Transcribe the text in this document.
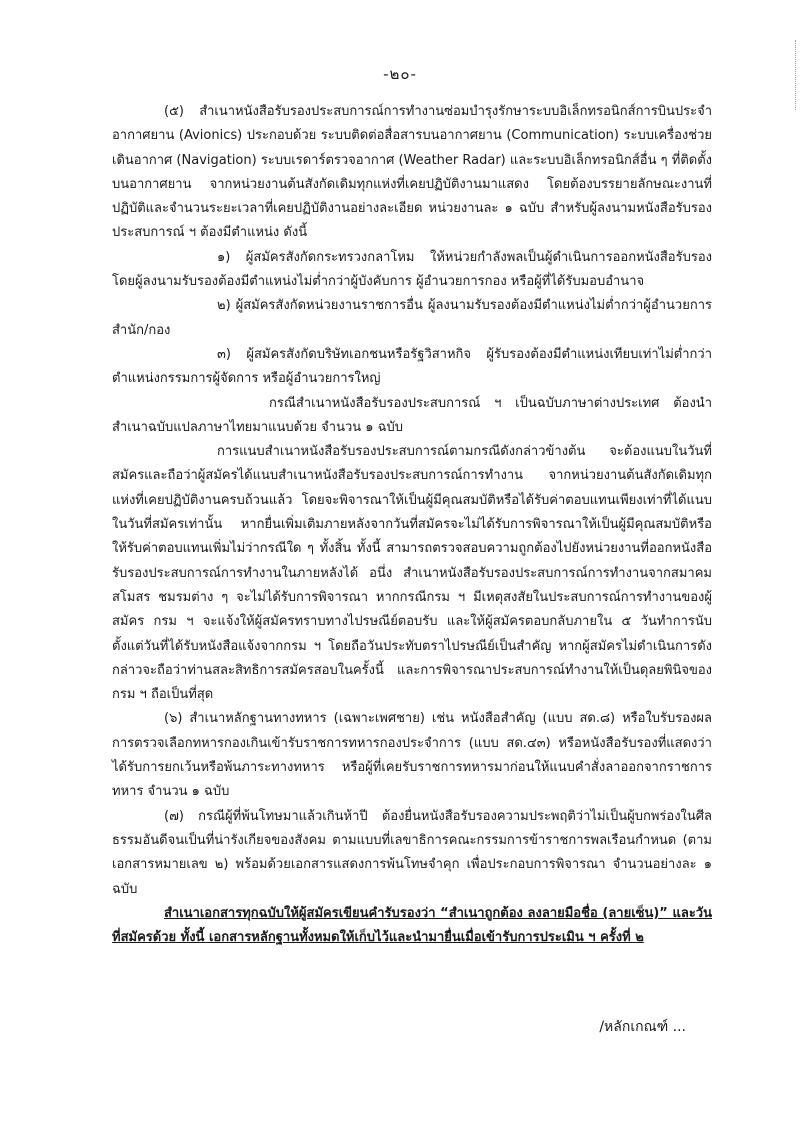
-๒๐-

(๕) สำเนาหนังสือรับรองประสบการณ์การทำงานซ่อมบำรุงรักษาระบบอิเล็กทรอนิกส์การบินประจำอากาศยาน (Avionics) ประกอบด้วย ระบบติดต่อสื่อสารบนอากาศยาน (Communication) ระบบเครื่องช่วยเดินอากาศ (Navigation) ระบบเรดาร์ตรวจอากาศ (Weather Radar) และระบบอิเล็กทรอนิกส์อื่น ๆ ที่ติดตั้งบนอากาศยาน จากหน่วยงานต้นสังกัดเดิมทุกแห่งที่เคยปฏิบัติงานมาแสดง โดยต้องบรรยายลักษณะงานที่ปฏิบัติและจำนวนระยะเวลาที่เคยปฏิบัติงานอย่างละเอียด หน่วยงานละ ๑ ฉบับ สำหรับผู้ลงนามหนังสือรับรองประสบการณ์ ฯ ต้องมีตำแหน่ง ดังนี้

๑) ผู้สมัครสังกัดกระทรวงกลาโหม ให้หน่วยกำลังพลเป็นผู้ดำเนินการออกหนังสือรับรอง โดยผู้ลงนามรับรองต้องมีตำแหน่งไม่ต่ำกว่าผู้บังคับการ ผู้อำนวยการกอง หรือผู้ที่ได้รับมอบอำนาจ

๒) ผู้สมัครสังกัดหน่วยงานราชการอื่น ผู้ลงนามรับรองต้องมีตำแหน่งไม่ต่ำกว่าผู้อำนวยการสำนัก/กอง

๓) ผู้สมัครสังกัดบริษัทเอกชนหรือรัฐวิสาหกิจ ผู้รับรองต้องมีตำแหน่งเทียบเท่าไม่ต่ำกว่าตำแหน่งกรรมการผู้จัดการ หรือผู้อำนวยการใหญ่

กรณีสำเนาหนังสือรับรองประสบการณ์ ฯ เป็นฉบับภาษาต่างประเทศ ต้องนำสำเนาฉบับแปลภาษาไทยมาแนบด้วย จำนวน ๑ ฉบับ

การแนบสำเนาหนังสือรับรองประสบการณ์ตามกรณีดังกล่าวข้างต้น จะต้องแนบในวันที่สมัครและถือว่าผู้สมัครได้แนบสำเนาหนังสือรับรองประสบการณ์การทำงาน จากหน่วยงานต้นสังกัดเดิมทุกแห่งที่เคยปฏิบัติงานครบถ้วนแล้ว โดยจะพิจารณาให้เป็นผู้มีคุณสมบัติหรือได้รับค่าตอบแทนเพียงเท่าที่ได้แนบในวันที่สมัครเท่านั้น หากยื่นเพิ่มเติมภายหลังจากวันที่สมัครจะไม่ได้รับการพิจารณาให้เป็นผู้มีคุณสมบัติหรือให้รับค่าตอบแทนเพิ่มไม่ว่ากรณีใด ๆ ทั้งสิ้น ทั้งนี้ สามารถตรวจสอบความถูกต้องไปยังหน่วยงานที่ออกหนังสือรับรองประสบการณ์การทำงานในภายหลังได้ อนึ่ง สำเนาหนังสือรับรองประสบการณ์การทำงานจากสมาคม สโมสร ชมรมต่าง ๆ จะไม่ได้รับการพิจารณา หากกรณีกรม ฯ มีเหตุสงสัยในประสบการณ์การทำงานของผู้สมัคร กรม ฯ จะแจ้งให้ผู้สมัครทราบทางไปรษณีย์ตอบรับ และให้ผู้สมัครตอบกลับภายใน ๕ วันทำการนับตั้งแต่วันที่ได้รับหนังสือแจ้งจากกรม ฯ โดยถือวันประทับตราไปรษณีย์เป็นสำคัญ หากผู้สมัครไม่ดำเนินการดังกล่าวจะถือว่าท่านสละสิทธิการสมัครสอบในครั้งนี้ และการพิจารณาประสบการณ์ทำงานให้เป็นดุลยพินิจของกรม ฯ ถือเป็นที่สุด

(๖) สำเนาหลักฐานทางทหาร (เฉพาะเพศชาย) เช่น หนังสือสำคัญ (แบบ สด.๘) หรือใบรับรองผลการตรวจเลือกทหารกองเกินเข้ารับราชการทหารกองประจำการ (แบบ สด.๔๓) หรือหนังสือรับรองที่แสดงว่าได้รับการยกเว้นหรือพ้นภาระทางทหาร หรือผู้ที่เคยรับราชการทหารมาก่อนให้แนบคำสั่งลาออกจากราชการทหาร จำนวน ๑ ฉบับ

(๗) กรณีผู้ที่พ้นโทษมาแล้วเกินห้าปี ต้องยื่นหนังสือรับรองความประพฤติว่าไม่เป็นผู้บกพร่องในศีลธรรมอันดีจนเป็นที่น่ารังเกียจของสังคม ตามแบบที่เลขาธิการคณะกรรมการข้าราชการพลเรือนกำหนด (ตามเอกสารหมายเลข ๒) พร้อมด้วยเอกสารแสดงการพ้นโทษจำคุก เพื่อประกอบการพิจารณา จำนวนอย่างละ ๑ ฉบับ

สำเนาเอกสารทุกฉบับให้ผู้สมัครเขียนคำรับรองว่า “สำเนาถูกต้อง ลงลายมือชื่อ (ลายเซ็น)” และวันที่สมัครด้วย ทั้งนี้ เอกสารหลักฐานทั้งหมดให้เก็บไว้และนำมายื่นเมื่อเข้ารับการประเมิน ฯ ครั้งที่ ๒

/หลักเกณฑ์ ...
